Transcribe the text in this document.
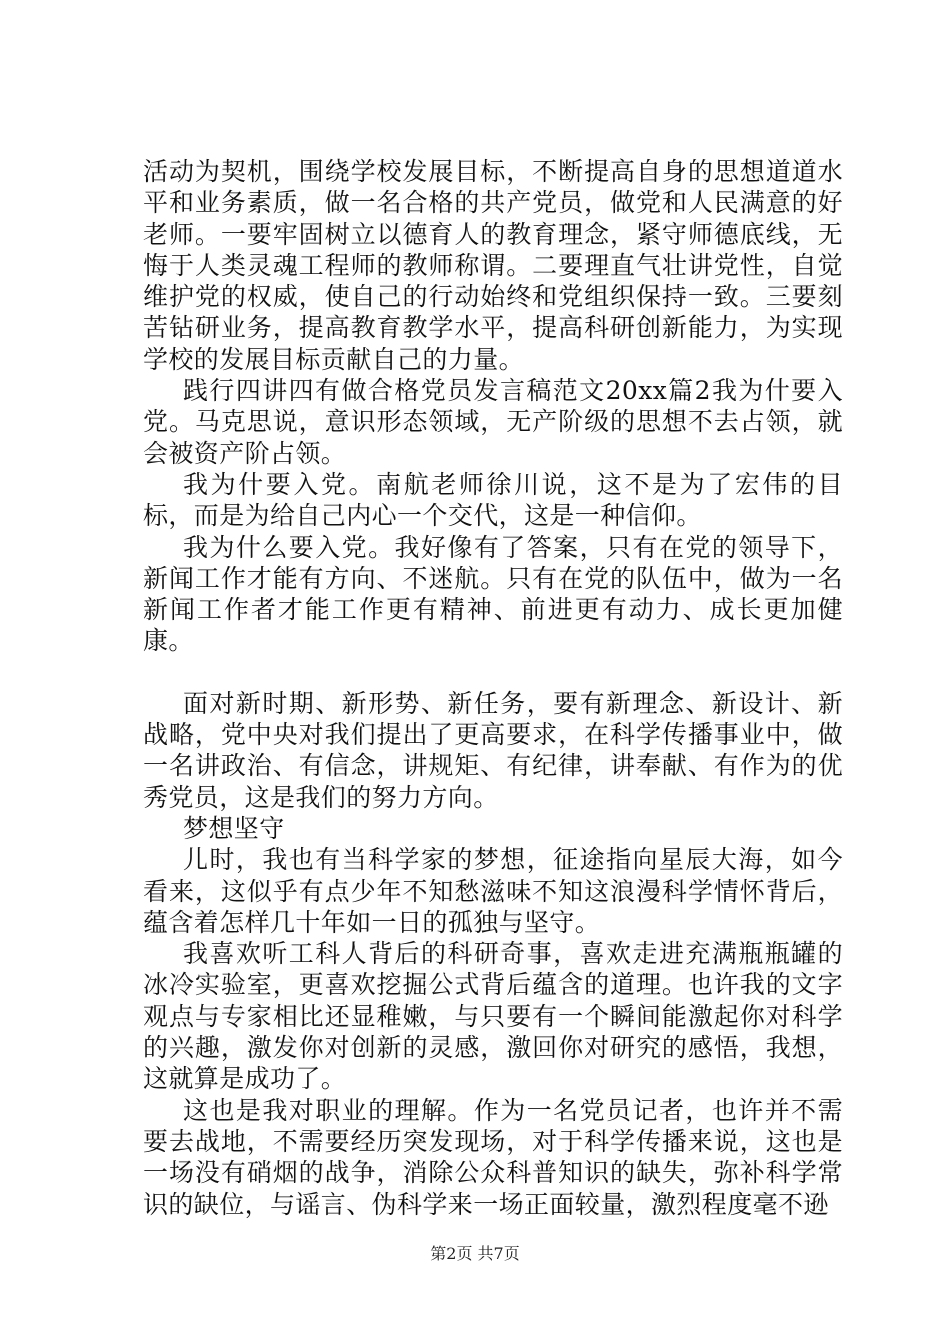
活动为契机，围绕学校发展目标，不断提高自身的思想道道水平和业务素质，做一名合格的共产党员，做党和人民满意的好老师。一要牢固树立以德育人的教育理念，紧守师德底线，无悔于人类灵魂工程师的教师称谓。二要理直气壮讲党性，自觉维护党的权威，使自己的行动始终和党组织保持一致。三要刻苦钻研业务，提高教育教学水平，提高科研创新能力，为实现学校的发展目标贡献自己的力量。

践行四讲四有做合格党员发言稿范文20xx篇2我为什要入党。马克思说，意识形态领域，无产阶级的思想不去占领，就会被资产阶占领。

我为什要入党。南航老师徐川说，这不是为了宏伟的目标，而是为给自己内心一个交代，这是一种信仰。

我为什么要入党。我好像有了答案，只有在党的领导下，新闻工作才能有方向、不迷航。只有在党的队伍中，做为一名新闻工作者才能工作更有精神、前进更有动力、成长更加健康。

面对新时期、新形势、新任务，要有新理念、新设计、新战略，党中央对我们提出了更高要求，在科学传播事业中，做一名讲政治、有信念，讲规矩、有纪律，讲奉献、有作为的优秀党员，这是我们的努力方向。

梦想坚守

儿时，我也有当科学家的梦想，征途指向星辰大海，如今看来，这似乎有点少年不知愁滋味不知这浪漫科学情怀背后，蕴含着怎样几十年如一日的孤独与坚守。

我喜欢听工科人背后的科研奇事，喜欢走进充满瓶瓶罐的冰冷实验室，更喜欢挖掘公式背后蕴含的道理。也许我的文字观点与专家相比还显稚嫩，与只要有一个瞬间能激起你对科学的兴趣，激发你对创新的灵感，激回你对研究的感悟，我想，这就算是成功了。

这也是我对职业的理解。作为一名党员记者，也许并不需要去战地，不需要经历突发现场，对于科学传播来说，这也是一场没有硝烟的战争，消除公众科普知识的缺失，弥补科学常识的缺位，与谣言、伪科学来一场正面较量，激烈程度毫不逊

第2页 共7页
